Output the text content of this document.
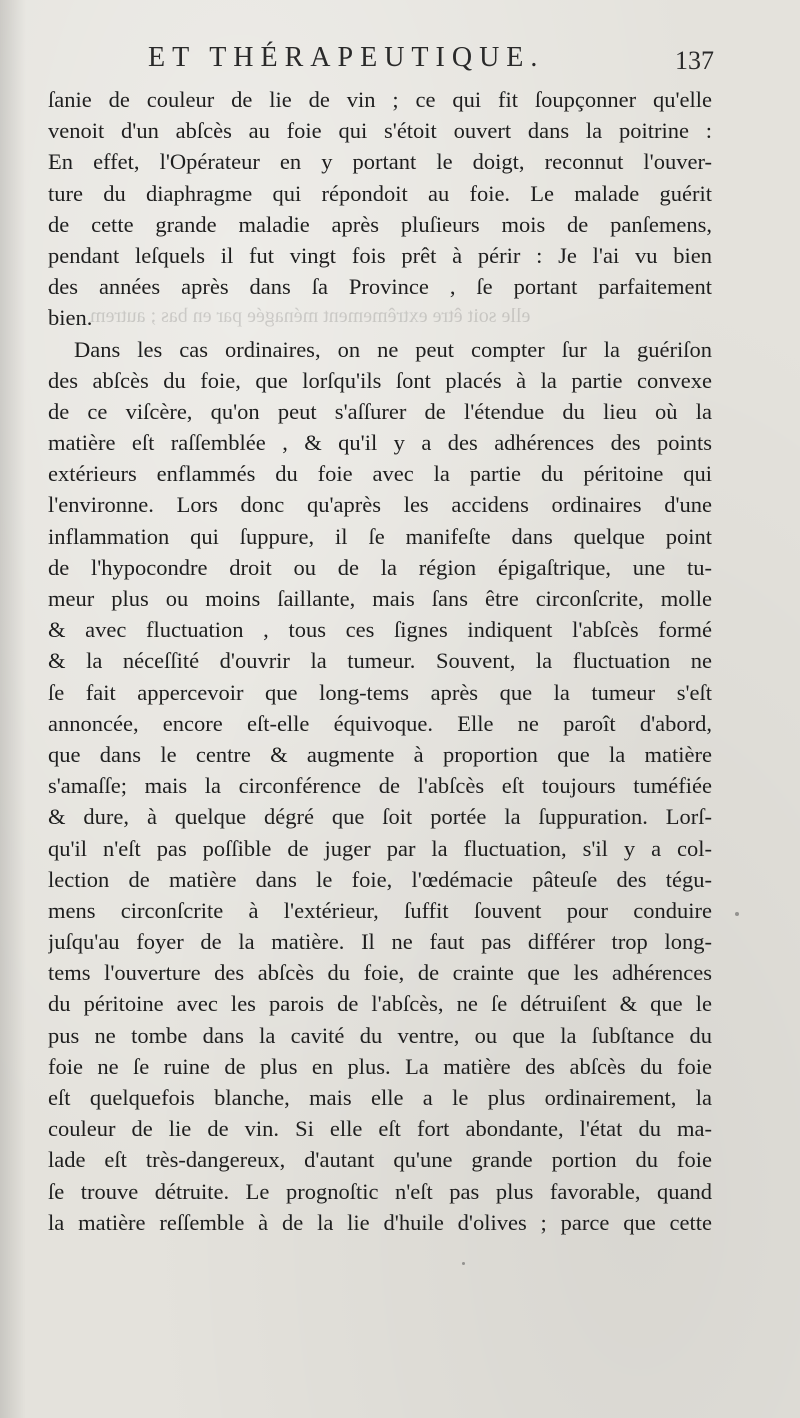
elle soit être extrêmement ménagée par en bas ; autrem
ET THÉRAPEUTIQUE.	137
ſanie de couleur de lie de vin ; ce qui fit ſoupçonner qu'elle
venoit d'un abſcès au foie qui s'étoit ouvert dans la poitrine :
En effet, l'Opérateur en y portant le doigt, reconnut l'ouver-
ture du diaphragme qui répondoit au foie. Le malade guérit
de cette grande maladie après pluſieurs mois de panſemens,
pendant leſquels il fut vingt fois prêt à périr : Je l'ai vu bien
des années après dans ſa Province , ſe portant parfaitement
bien.
Dans les cas ordinaires, on ne peut compter ſur la guériſon
des abſcès du foie, que lorſqu'ils ſont placés à la partie convexe
de ce viſcère, qu'on peut s'aſſurer de l'étendue du lieu où la
matière eſt raſſemblée , & qu'il y a des adhérences des points
extérieurs enflammés du foie avec la partie du péritoine qui
l'environne. Lors donc qu'après les accidens ordinaires d'une
inflammation qui ſuppure, il ſe manifeſte dans quelque point
de l'hypocondre droit ou de la région épigaſtrique, une tu-
meur plus ou moins ſaillante, mais ſans être circonſcrite, molle
& avec fluctuation , tous ces ſignes indiquent l'abſcès formé
& la néceſſité d'ouvrir la tumeur. Souvent, la fluctuation ne
ſe fait appercevoir que long-tems après que la tumeur s'eſt
annoncée, encore eſt-elle équivoque. Elle ne paroît d'abord,
que dans le centre & augmente à proportion que la matière
s'amaſſe; mais la circonférence de l'abſcès eſt toujours tuméfiée
& dure, à quelque dégré que ſoit portée la ſuppuration. Lorſ-
qu'il n'eſt pas poſſible de juger par la fluctuation, s'il y a col-
lection de matière dans le foie, l'œdémacie pâteuſe des tégu-
mens circonſcrite à l'extérieur, ſuffit ſouvent pour conduire
juſqu'au foyer de la matière. Il ne faut pas différer trop long-
tems l'ouverture des abſcès du foie, de crainte que les adhérences
du péritoine avec les parois de l'abſcès, ne ſe détruiſent & que le
pus ne tombe dans la cavité du ventre, ou que la ſubſtance du
foie ne ſe ruine de plus en plus. La matière des abſcès du foie
eſt quelquefois blanche, mais elle a le plus ordinairement, la
couleur de lie de vin. Si elle eſt fort abondante, l'état du ma-
lade eſt très-dangereux, d'autant qu'une grande portion du foie
ſe trouve détruite. Le prognoſtic n'eſt pas plus favorable, quand
la matière reſſemble à de la lie d'huile d'olives ; parce que cette
